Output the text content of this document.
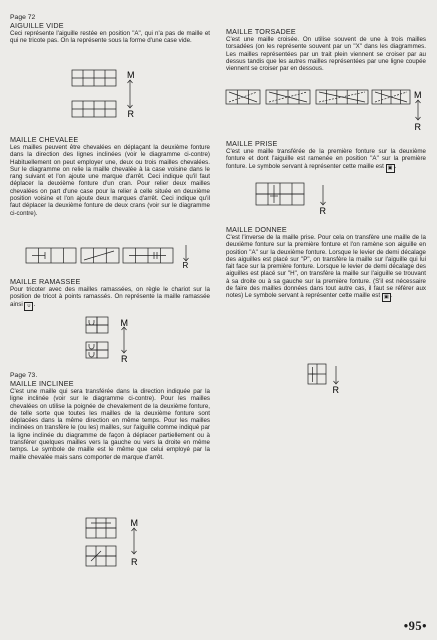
Page 72
AIGUILLE VIDE

Ceci représente l'aiguille restée en position "A", qui n'a pas de maille et qui ne tricote pas. On la représente sous la forme d'une case vide.

M
R
MAILLE CHEVALEE

Les mailles peuvent être chevalées en déplaçant la deuxième fonture dans la direction des lignes inclinées (voir le diagramme ci-contre) Habituellement on peut employer une, deux ou trois mailles chevalées. Sur le diagramme on relie la maille chevalée à la case voisine dans le rang suivant et l'on ajoute une marque d'arrêt. Ceci indique qu'il faut déplacer la deuxième fonture d'un cran. Pour relier deux mailles chevalées on part d'une case pour la relier à celle située en deuxième position voisine et l'on ajoute deux marques d'arrêt. Ceci indique qu'il faut déplacer la deuxième fonture de deux crans (voir sur le diagramme ci-contre).

R
MAILLE RAMASSEE

Pour tricoter avec des mailles ramassées, on règle le chariot sur la position de tricot à points ramassés. On représente la maille ramassée ainsi ∪ .

M
R
Page 73.
MAILLE INCLINEE

C'est une maille qui sera transférée dans la direction indiquée par la ligne inclinée (voir sur le diagramme ci-contre). Pour les mailles chevalées on utilise la poignée de chevalement de la deuxième fonture, de telle sorte que toutes les mailles de la deuxième fonture sont déplacées dans la même direction en même temps. Pour les mailles inclinées on transfère le (ou les) mailles, sur l'aiguille comme indiqué par la ligne inclinée du diagramme de façon à déplacer partiellement ou à transférer quelques mailles vers la gauche ou vers la droite en même temps. Le symbole de maille est le même que celui employé par la maille chevalée mais sans comporter de marque d'arrêt.

M
R
MAILLE TORSADEE

C'est une maille croisée. On utilise souvent de une à trois mailles torsadées (on les représente souvent par un "X" dans les diagrammes. Les mailles représentées par un trait plein viennent se croiser par au dessus tandis que les autres mailles représentées par une ligne coupée viennent se croiser par en dessous.

M
R
MAILLE PRISE

C'est une maille transférée de la première fonture sur la deuxième fonture et dont l'aiguille est ramenée en position "A" sur la première fonture. Le symbole servant à représenter cette maille est ▣ .

R
MAILLE DONNEE

C'est l'inverse de la maille prise. Pour cela on transfère une maille de la deuxième fonture sur la première fonture et l'on ramène son aiguille en position "A" sur la deuxième fonture. Lorsque le levier de demi décalage des aiguilles est placé sur "P", on transfère la maille sur l'aiguille qui lui fait face sur la première fonture. Lorsque le levier de demi décalage des aiguilles est placé sur "H", on transfère la maille sur l'aiguille se trouvant à sa droite ou à sa gauche sur la première fonture. (S'il est nécessaire de faire des mailles données dans tout autre cas, il faut se référer aux notes) Le symbole servant à représenter cette maille est ▣ .

R
•95•
